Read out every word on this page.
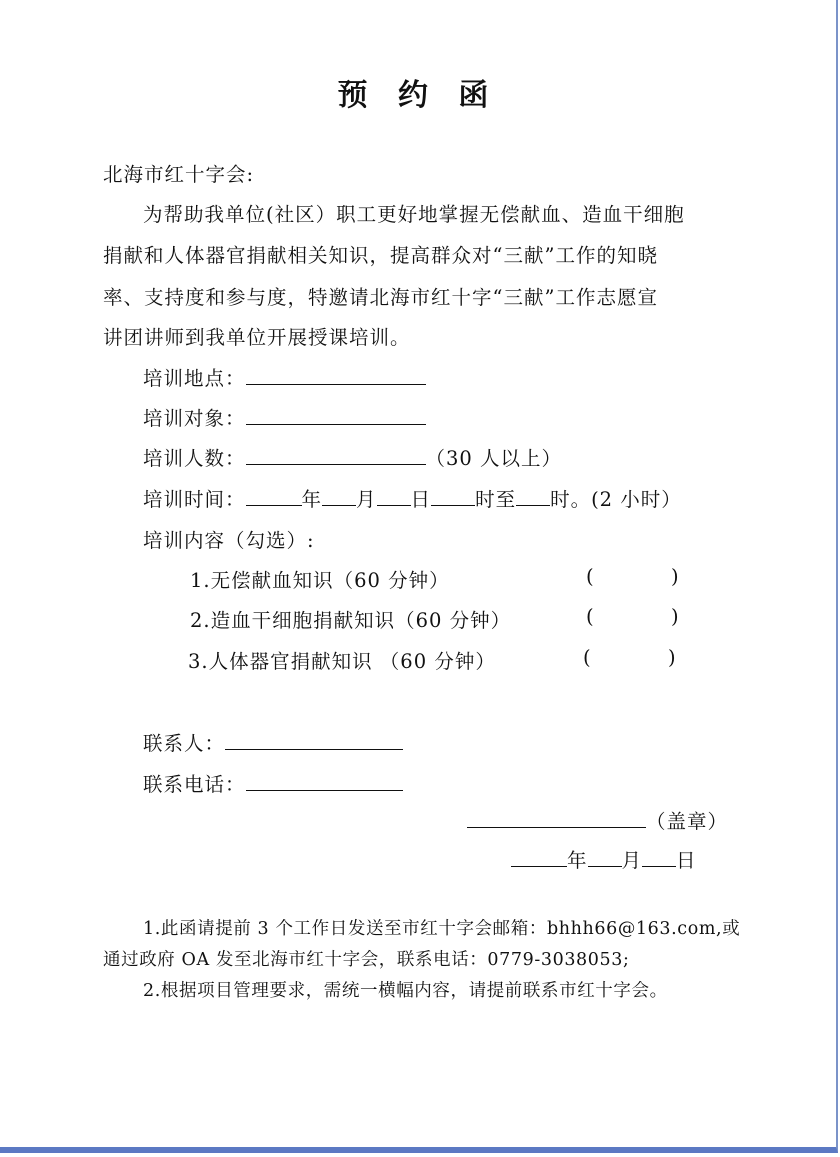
预 约 函
北海市红十字会:
为帮助我单位(社区）职工更好地掌握无偿献血、造血干细胞
捐献和人体器官捐献相关知识，提高群众对“三献”工作的知晓
率、支持度和参与度，特邀请北海市红十字“三献”工作志愿宣
讲团讲师到我单位开展授课培训。
培训地点：
培训对象：
培训人数：	（30 人以上）
培训时间：	年 月 日 时至 时。(2 小时）
培训内容（勾选）:
1.无偿献血知识（60 分钟）	(	)
2.造血干细胞捐献知识（60 分钟）	(	)
3.人体器官捐献知识 （60 分钟）	(	)
联系人：
联系电话：
（盖章）
年 月 日
1.此函请提前 3 个工作日发送至市红十字会邮箱：bhhh66@163.com,或
通过政府 OA 发至北海市红十字会，联系电话：0779-3038053;
2.根据项目管理要求，需统一横幅内容，请提前联系市红十字会。
